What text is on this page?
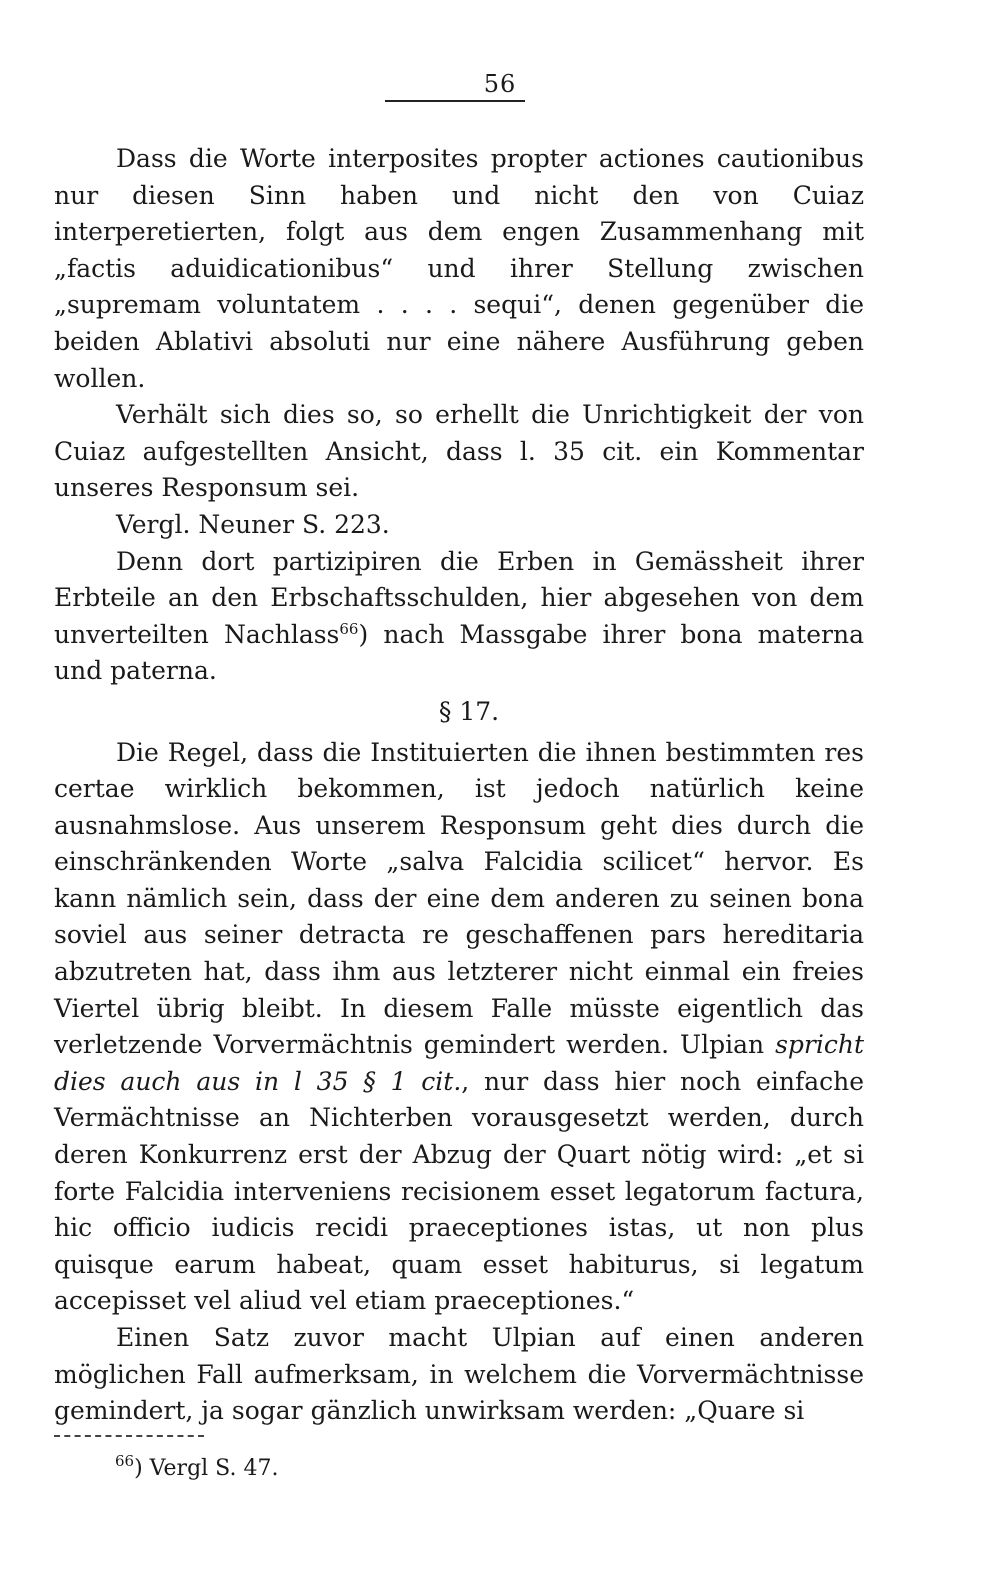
56

Dass die Worte interposites propter actiones cautionibus nur diesen Sinn haben und nicht den von Cuiaz interperetierten, folgt aus dem engen Zusammenhang mit „factis aduidicationibus“ und ihrer Stellung zwischen „supremam voluntatem . . . . sequi“, denen gegenüber die beiden Ablativi absoluti nur eine nähere Ausführung geben wollen.

Verhält sich dies so, so erhellt die Unrichtigkeit der von Cuiaz aufgestellten Ansicht, dass l. 35 cit. ein Kommentar unseres Responsum sei.

Vergl. Neuner S. 223.

Denn dort partizipiren die Erben in Gemässheit ihrer Erbteile an den Erbschaftsschulden, hier abgesehen von dem unverteilten Nachlass$^{66}$) nach Massgabe ihrer bona materna und paterna.

§ 17.

Die Regel, dass die Instituierten die ihnen bestimmten res certae wirklich bekommen, ist jedoch natürlich keine ausnahmslose. Aus unserem Responsum geht dies durch die einschränkenden Worte „salva Falcidia scilicet“ hervor. Es kann nämlich sein, dass der eine dem anderen zu seinen bona soviel aus seiner detracta re geschaffenen pars hereditaria abzutreten hat, dass ihm aus letzterer nicht einmal ein freies Viertel übrig bleibt. In diesem Falle müsste eigentlich das verletzende Vorvermächtnis gemindert werden. Ulpian spricht dies auch aus in l 35 § 1 cit., nur dass hier noch einfache Vermächtnisse an Nichterben vorausgesetzt werden, durch deren Konkurrenz erst der Abzug der Quart nötig wird: „et si forte Falcidia interveniens recisionem esset legatorum factura, hic officio iudicis recidi praeceptiones istas, ut non plus quisque earum habeat, quam esset habiturus, si legatum accepisset vel aliud vel etiam praeceptiones.“

Einen Satz zuvor macht Ulpian auf einen anderen möglichen Fall aufmerksam, in welchem die Vorvermächtnisse gemindert, ja sogar gänzlich unwirksam werden: „Quare si

$^{66}$) Vergl S. 47.
